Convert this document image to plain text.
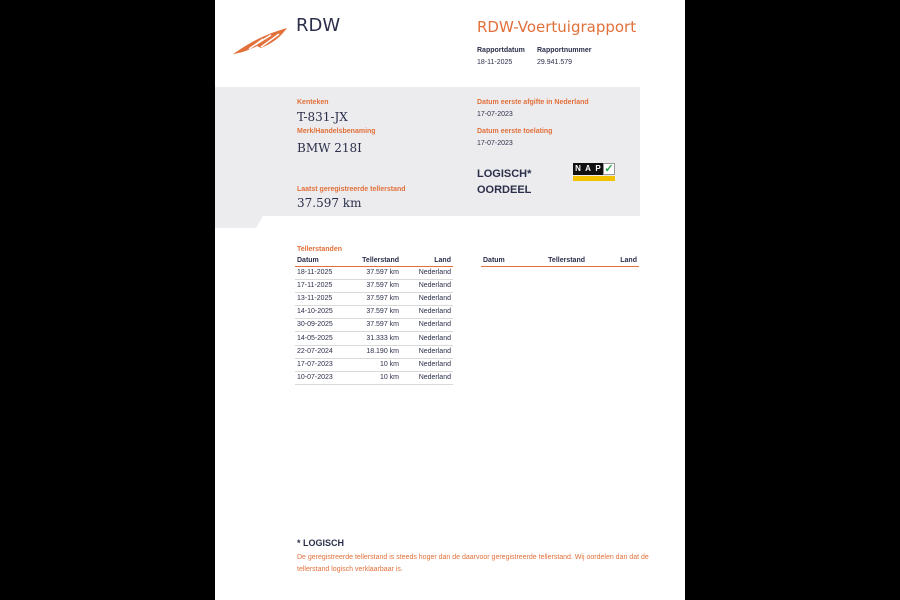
RDW	RDW-Voertuigrapport
Rapportdatum Rapportnummer
18-11-2025	29.941.579
Kenteken
T-831-JX
Merk/Handelsbenaming
BMW 218I
Laatst geregistreerde tellerstand
37.597 km
Datum eerste afgifte in Nederland
17-07-2023
Datum eerste toelating
17-07-2023
LOGISCH*
OORDEEL
N A P ✓
Tellerstanden
Datum	Tellerstand	Land
18-11-2025	37.597 km	Nederland
17-11-2025	37.597 km	Nederland
13-11-2025	37.597 km	Nederland
14-10-2025	37.597 km	Nederland
30-09-2025	37.597 km	Nederland
14-05-2025	31.333 km	Nederland
22-07-2024	18.190 km	Nederland
17-07-2023	10 km	Nederland
10-07-2023	10 km	Nederland
Datum	Tellerstand	Land
* LOGISCH
De geregistreerde tellerstand is steeds hoger dan de daarvoor geregistreerde tellerstand. Wij oordelen dan dat de tellerstand logisch verklaarbaar is.
